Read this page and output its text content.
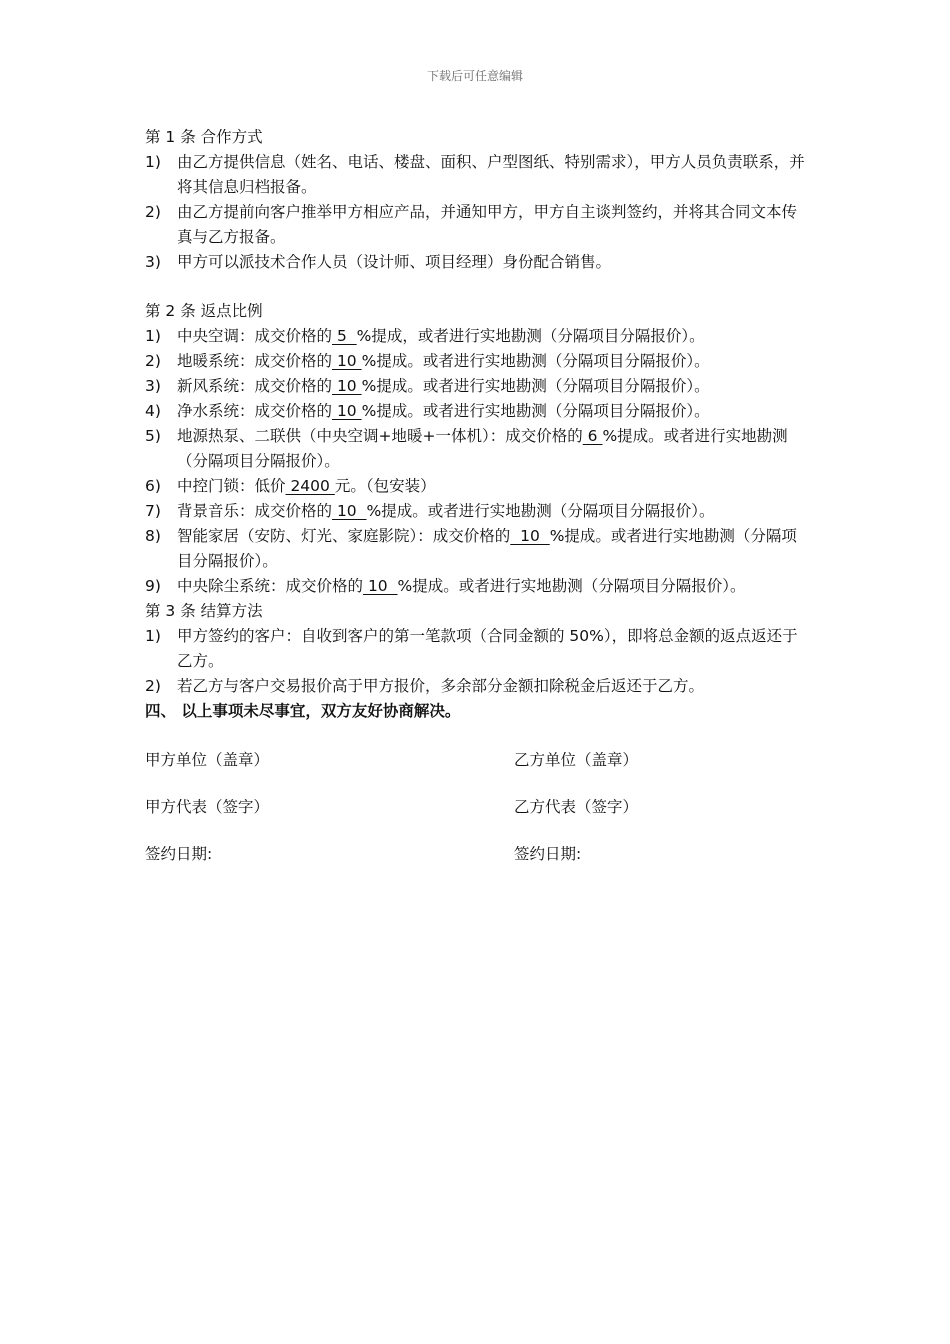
下载后可任意编辑

第 1 条 合作方式

1) 由乙方提供信息（姓名、电话、楼盘、面积、户型图纸、特别需求），甲方人员负责联系，并将其信息归档报备。
2) 由乙方提前向客户推举甲方相应产品，并通知甲方，甲方自主谈判签约，并将其合同文本传真与乙方报备。
3) 甲方可以派技术合作人员（设计师、项目经理）身份配合销售。

第 2 条 返点比例

1) 中央空调：成交价格的 5  %提成，或者进行实地勘测（分隔项目分隔报价）。
2) 地暖系统：成交价格的 10 %提成。或者进行实地勘测（分隔项目分隔报价）。
3) 新风系统：成交价格的 10 %提成。或者进行实地勘测（分隔项目分隔报价）。
4) 净水系统：成交价格的 10 %提成。或者进行实地勘测（分隔项目分隔报价）。
5) 地源热泵、二联供（中央空调+地暖+一体机）：成交价格的 6 %提成。或者进行实地勘测（分隔项目分隔报价）。
6) 中控门锁：低价 2400 元。（包安装）
7) 背景音乐：成交价格的 10  %提成。或者进行实地勘测（分隔项目分隔报价）。
8) 智能家居（安防、灯光、家庭影院）：成交价格的  10  %提成。或者进行实地勘测（分隔项目分隔报价）。
9) 中央除尘系统：成交价格的 10  %提成。或者进行实地勘测（分隔项目分隔报价）。

第 3 条 结算方法

1) 甲方签约的客户：自收到客户的第一笔款项（合同金额的 50%），即将总金额的返点返还于乙方。
2) 若乙方与客户交易报价高于甲方报价，多余部分金额扣除税金后返还于乙方。

四、 以上事项未尽事宜，双方友好协商解决。

甲方单位（盖章）	乙方单位（盖章）
甲方代表（签字）	乙方代表（签字）
签约日期:	签约日期:
